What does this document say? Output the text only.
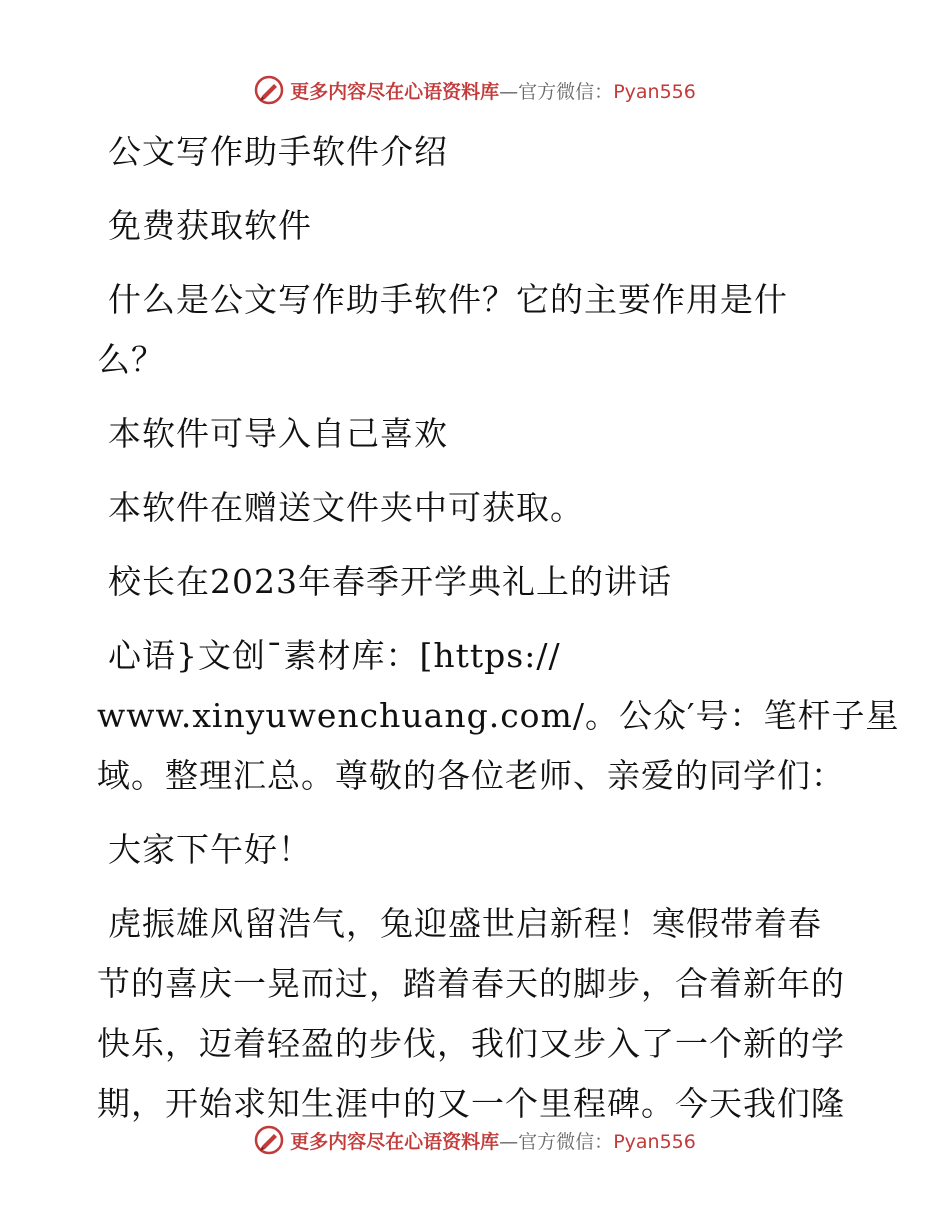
更多内容尽在心语资料库—官方微信：Pyan556
公文写作助手软件介绍
免费获取软件
什么是公文写作助手软件？它的主要作用是什
么？
本软件可导入自己喜欢
本软件在赠送文件夹中可获取。
校长在2023年春季开学典礼上的讲话
心语}文创¯素材库：[https://
www.xinyuwenchuang.com/。公众′号：笔杆子星
域。整理汇总。尊敬的各位老师、亲爱的同学们：
大家下午好！
虎振雄风留浩气，兔迎盛世启新程！寒假带着春
节的喜庆一晃而过，踏着春天的脚步，合着新年的
快乐，迈着轻盈的步伐，我们又步入了一个新的学
期，开始求知生涯中的又一个里程碑。今天我们隆
更多内容尽在心语资料库—官方微信：Pyan556
